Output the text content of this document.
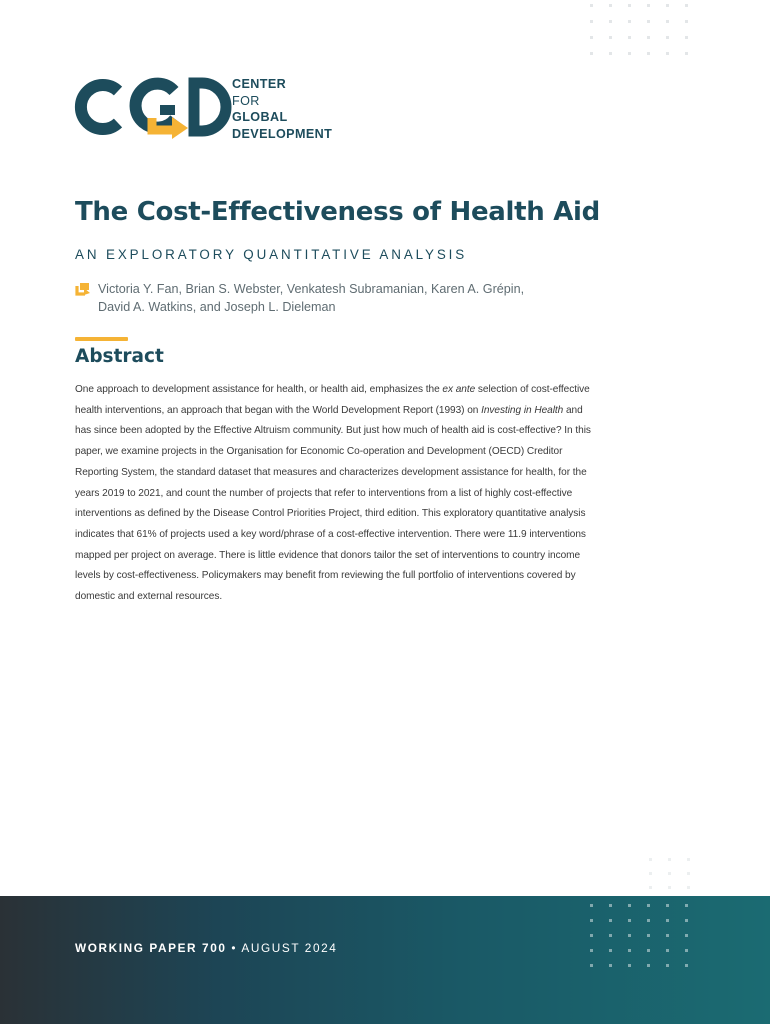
CENTER
FOR
GLOBAL
DEVELOPMENT
The Cost-Effectiveness of Health Aid
AN EXPLORATORY QUANTITATIVE ANALYSIS
Victoria Y. Fan, Brian S. Webster, Venkatesh Subramanian, Karen A. Grépin,
David A. Watkins, and Joseph L. Dieleman
Abstract

One approach to development assistance for health, or health aid, emphasizes the ex ante selection of cost-effective health interventions, an approach that began with the World Development Report (1993) on Investing in Health and has since been adopted by the Effective Altruism community. But just how much of health aid is cost-effective? In this paper, we examine projects in the Organisation for Economic Co-operation and Development (OECD) Creditor Reporting System, the standard dataset that measures and characterizes development assistance for health, for the years 2019 to 2021, and count the number of projects that refer to interventions from a list of highly cost-effective interventions as defined by the Disease Control Priorities Project, third edition. This exploratory quantitative analysis indicates that 61% of projects used a key word/phrase of a cost-effective intervention. There were 11.9 interventions mapped per project on average. There is little evidence that donors tailor the set of interventions to country income levels by cost-effectiveness. Policymakers may benefit from reviewing the full portfolio of interventions covered by domestic and external resources.

WORKING PAPER 700 • AUGUST 2024
